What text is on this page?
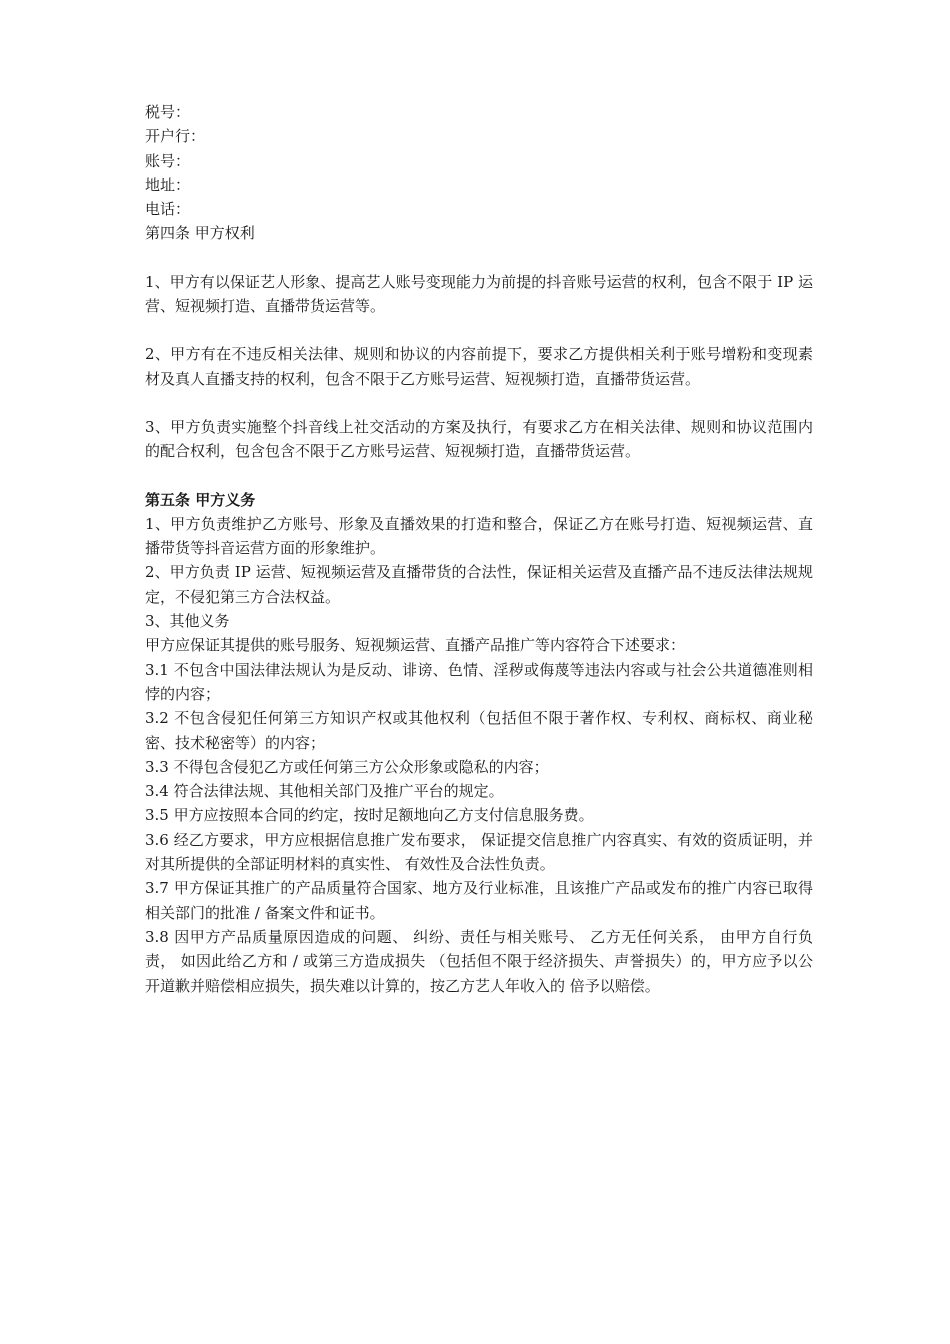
税号：

开户行：

账号：

地址：

电话：

第四条 甲方权利

1、甲方有以保证艺人形象、提高艺人账号变现能力为前提的抖音账号运营的权利，包含不限于 IP 运营、短视频打造、直播带货运营等。

2、甲方有在不违反相关法律、规则和协议的内容前提下，要求乙方提供相关利于账号增粉和变现素材及真人直播支持的权利，包含不限于乙方账号运营、短视频打造，直播带货运营。

3、甲方负责实施整个抖音线上社交活动的方案及执行，有要求乙方在相关法律、规则和协议范围内的配合权利，包含包含不限于乙方账号运营、短视频打造，直播带货运营。

第五条 甲方义务

1、甲方负责维护乙方账号、形象及直播效果的打造和整合，保证乙方在账号打造、短视频运营、直播带货等抖音运营方面的形象维护。

2、甲方负责 IP 运营、短视频运营及直播带货的合法性，保证相关运营及直播产品不违反法律法规规定，不侵犯第三方合法权益。

3、其他义务

甲方应保证其提供的账号服务、短视频运营、直播产品推广等内容符合下述要求：

3.1 不包含中国法律法规认为是反动、诽谤、色情、淫秽或侮蔑等违法内容或与社会公共道德准则相悖的内容；

3.2 不包含侵犯任何第三方知识产权或其他权利（包括但不限于著作权、专利权、商标权、商业秘密、技术秘密等）的内容；

3.3 不得包含侵犯乙方或任何第三方公众形象或隐私的内容；

3.4 符合法律法规、其他相关部门及推广平台的规定。

3.5 甲方应按照本合同的约定，按时足额地向乙方支付信息服务费。

3.6 经乙方要求，甲方应根据信息推广发布要求， 保证提交信息推广内容真实、有效的资质证明，并对其所提供的全部证明材料的真实性、 有效性及合法性负责。

3.7 甲方保证其推广的产品质量符合国家、地方及行业标准，且该推广产品或发布的推广内容已取得相关部门的批准 / 备案文件和证书。

3.8 因甲方产品质量原因造成的问题、 纠纷、责任与相关账号、 乙方无任何关系， 由甲方自行负责， 如因此给乙方和 / 或第三方造成损失 （包括但不限于经济损失、声誉损失）的，甲方应予以公开道歉并赔偿相应损失，损失难以计算的，按乙方艺人年收入的 倍予以赔偿。
